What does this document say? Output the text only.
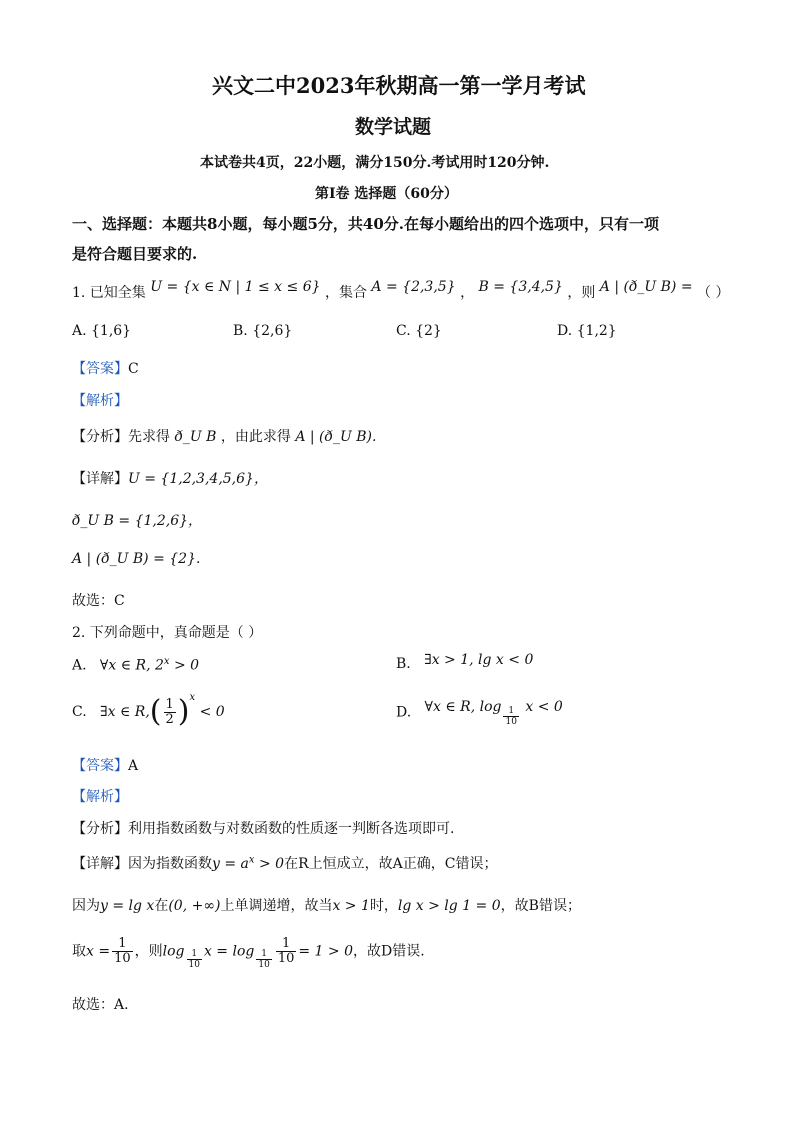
兴文二中2023年秋期高一第一学月考试
数学试题
本试卷共4页，22小题，满分150分.考试用时120分钟.
第Ⅰ卷 选择题（60分）
一、选择题：本题共8小题，每小题5分，共40分.在每小题给出的四个选项中，只有一项
是符合题目要求的.
1. 已知全集 U = {x ∈ N | 1 ≤ x ≤ 6} ，集合 A = {2,3,5} ， B = {3,4,5} ，则 A | (ð_U B) = （ ）
A. {1,6}	B. {2,6}	C. {2}	D. {1,2}
【答案】C
【解析】
【分析】先求得 ð_U B ，由此求得 A | (ð_U B).
【详解】U = {1,2,3,4,5,6}，
ð_U B = {1,2,6}，
A | (ð_U B) = {2}.
故选：C
2. 下列命题中，真命题是（ ）
A. ∀x ∈ R, $2^x > 0$	B. ∃x > 1, lg x < 0
C. ∃x ∈ $R,( \frac{1}{2} )^x < 0$	D. ∀x ∈ R, $\log \frac{1}{10}$ x < 0
【答案】A
【解析】
【分析】利用指数函数与对数函数的性质逐一判断各选项即可.
【详解】因为指数函数$y = a^x > 0$在R上恒成立，故A正确，C错误；
因为y = lg x在(0, +∞)上单调递增，故当x > 1时，lg x > lg 1 = 0，故B错误；
取$x = \frac{1}{10}$ ，则$\log \frac{1}{10}$ $x = \log \frac{1}{10} \frac{1}{10} = 1 > 0$，故D错误.
故选：A.
